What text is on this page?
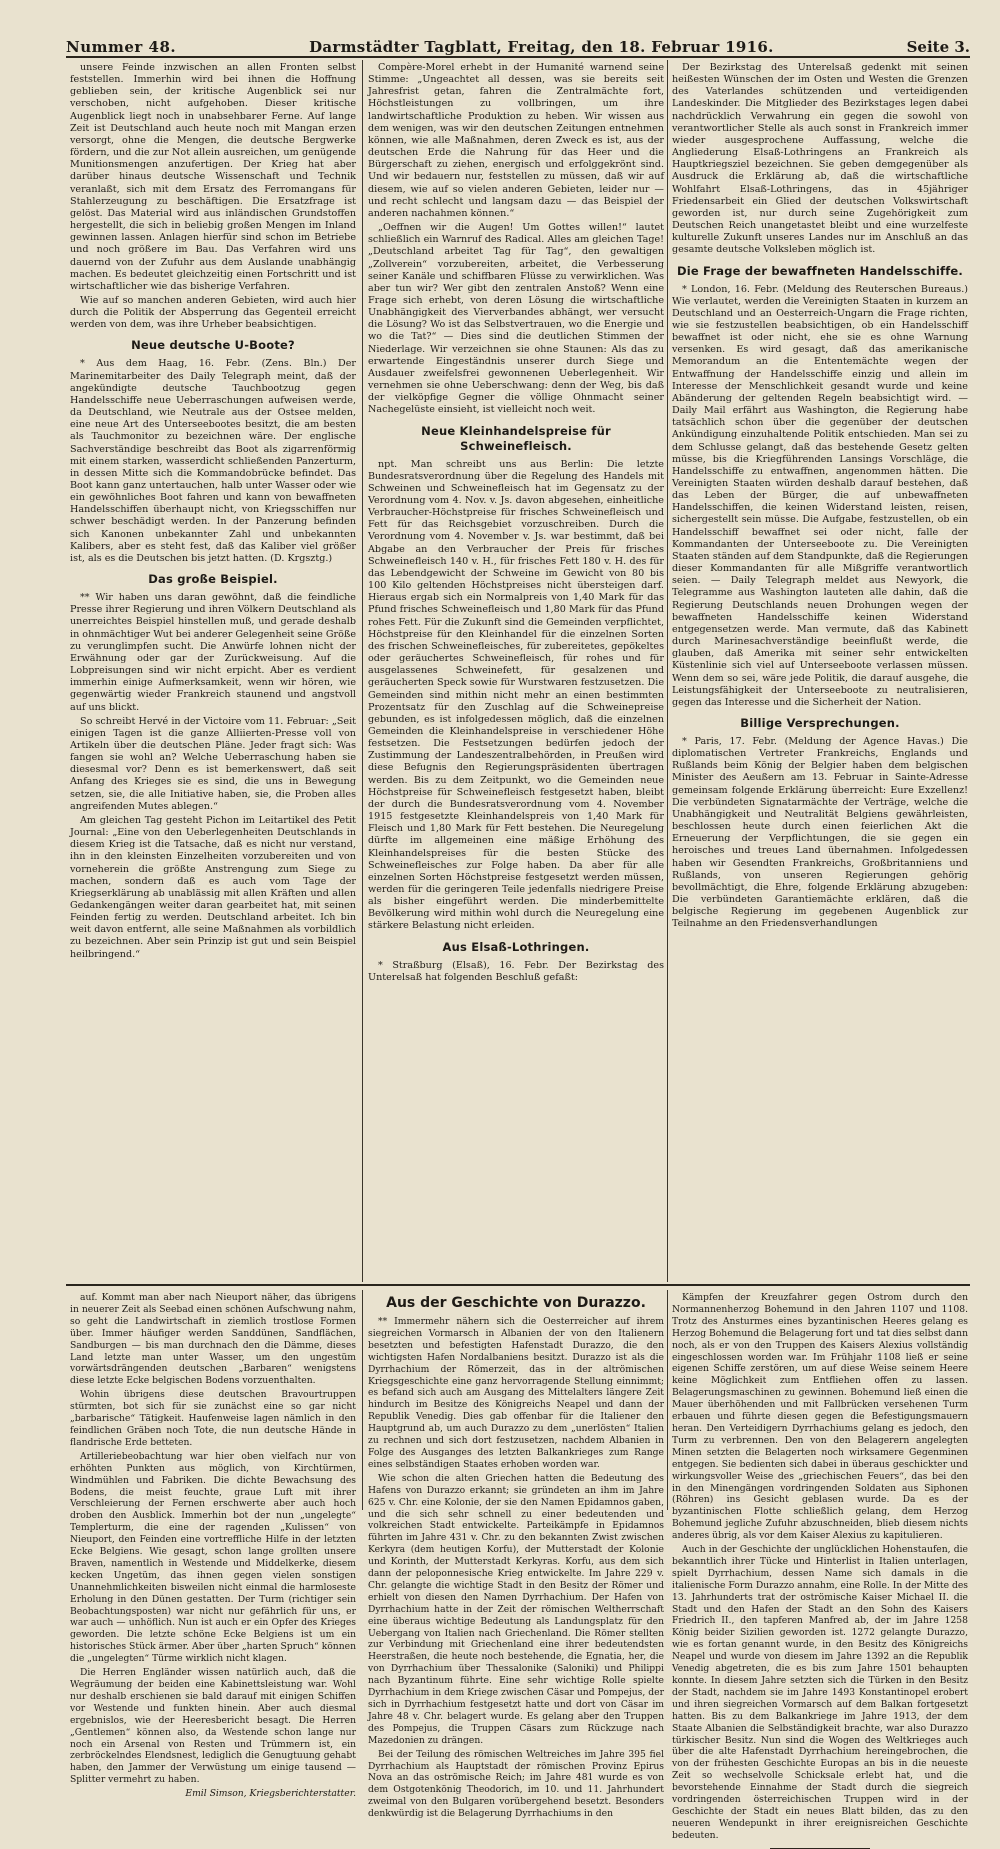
Nummer 48.	Darmstädter Tagblatt, Freitag, den 18. Februar 1916.	Seite 3.

unsere Feinde inzwischen an allen Fronten selbst feststellen. Immerhin wird bei ihnen die Hoffnung geblieben sein, der kritische Augenblick sei nur verschoben, nicht aufgehoben. Dieser kritische Augenblick liegt noch in unabsehbarer Ferne. Auf lange Zeit ist Deutschland auch heute noch mit Mangan erzen versorgt, ohne die Mengen, die deutsche Bergwerke fördern, und die zur Not allein ausreichen, um genügende Munitionsmengen anzufertigen. Der Krieg hat aber darüber hinaus deutsche Wissenschaft und Technik veranlaßt, sich mit dem Ersatz des Ferromangans für Stahlerzeugung zu beschäftigen. Die Ersatzfrage ist gelöst. Das Material wird aus inländischen Grundstoffen hergestellt, die sich in beliebig großen Mengen im Inland gewinnen lassen. Anlagen hierfür sind schon im Betriebe und noch größere im Bau. Das Verfahren wird uns dauernd von der Zufuhr aus dem Auslande unabhängig machen. Es bedeutet gleichzeitig einen Fortschritt und ist wirtschaftlicher wie das bisherige Verfahren.

Wie auf so manchen anderen Gebieten, wird auch hier durch die Politik der Absperrung das Gegenteil erreicht werden von dem, was ihre Urheber beabsichtigen.

Neue deutsche U-Boote?

* Aus dem Haag, 16. Febr. (Zens. Bln.) Der Marinemitarbeiter des Daily Telegraph meint, daß der angekündigte deutsche Tauchbootzug gegen Handelsschiffe neue Ueberraschungen aufweisen werde, da Deutschland, wie Neutrale aus der Ostsee melden, eine neue Art des Unterseebootes besitzt, die am besten als Tauchmonitor zu bezeichnen wäre. Der englische Sachverständige beschreibt das Boot als zigarrenförmig mit einem starken, wasserdicht schließenden Panzerturm, in dessen Mitte sich die Kommandobrücke befindet. Das Boot kann ganz untertauchen, halb unter Wasser oder wie ein gewöhnliches Boot fahren und kann von bewaffneten Handelsschiffen überhaupt nicht, von Kriegsschiffen nur schwer beschädigt werden. In der Panzerung befinden sich Kanonen unbekannter Zahl und unbekannten Kalibers, aber es steht fest, daß das Kaliber viel größer ist, als es die Deutschen bis jetzt hatten. (D. Krgsztg.)

Das große Beispiel.

** Wir haben uns daran gewöhnt, daß die feindliche Presse ihrer Regierung und ihren Völkern Deutschland als unerreichtes Beispiel hinstellen muß, und gerade deshalb in ohnmächtiger Wut bei anderer Gelegenheit seine Größe zu verunglimpfen sucht. Die Anwürfe lohnen nicht der Erwähnung oder gar der Zurückweisung. Auf die Lobpreisungen sind wir nicht erpicht. Aber es verdient immerhin einige Aufmerksamkeit, wenn wir hören, wie gegenwärtig wieder Frankreich staunend und angstvoll auf uns blickt.

So schreibt Hervé in der Victoire vom 11. Februar: „Seit einigen Tagen ist die ganze Alliierten-Presse voll von Artikeln über die deutschen Pläne. Jeder fragt sich: Was fangen sie wohl an? Welche Ueberraschung haben sie diesesmal vor? Denn es ist bemerkenswert, daß seit Anfang des Krieges sie es sind, die uns in Bewegung setzen, sie, die alle Initiative haben, sie, die Proben alles angreifenden Mutes ablegen.“

Am gleichen Tag gesteht Pichon im Leitartikel des Petit Journal: „Eine von den Ueberlegenheiten Deutschlands in diesem Krieg ist die Tatsache, daß es nicht nur verstand, ihn in den kleinsten Einzelheiten vorzubereiten und von vorneherein die größte Anstrengung zum Siege zu machen, sondern daß es auch vom Tage der Kriegserklärung ab unablässig mit allen Kräften und allen Gedankengängen weiter daran gearbeitet hat, mit seinen Feinden fertig zu werden. Deutschland arbeitet. Ich bin weit davon entfernt, alle seine Maßnahmen als vorbildlich zu bezeichnen. Aber sein Prinzip ist gut und sein Beispiel heilbringend.“

Compère-Morel erhebt in der Humanité warnend seine Stimme: „Ungeachtet all dessen, was sie bereits seit Jahresfrist getan, fahren die Zentralmächte fort, Höchstleistungen zu vollbringen, um ihre landwirtschaftliche Produktion zu heben. Wir wissen aus dem wenigen, was wir den deutschen Zeitungen entnehmen können, wie alle Maßnahmen, deren Zweck es ist, aus der deutschen Erde die Nahrung für das Heer und die Bürgerschaft zu ziehen, energisch und erfolggekrönt sind. Und wir bedauern nur, feststellen zu müssen, daß wir auf diesem, wie auf so vielen anderen Gebieten, leider nur — und recht schlecht und langsam dazu — das Beispiel der anderen nachahmen können.“

„Oeffnen wir die Augen! Um Gottes willen!“ lautet schließlich ein Warnruf des Radical. Alles am gleichen Tage! „Deutschland arbeitet Tag für Tag“, den gewaltigen „Zollverein“ vorzubereiten, arbeitet, die Verbesserung seiner Kanäle und schiffbaren Flüsse zu verwirklichen. Was aber tun wir? Wer gibt den zentralen Anstoß? Wenn eine Frage sich erhebt, von deren Lösung die wirtschaftliche Unabhängigkeit des Vierverbandes abhängt, wer versucht die Lösung? Wo ist das Selbstvertrauen, wo die Energie und wo die Tat?“ — Dies sind die deutlichen Stimmen der Niederlage. Wir verzeichnen sie ohne Staunen: Als das zu erwartende Eingeständnis unserer durch Siege und Ausdauer zweifelsfrei gewonnenen Ueberlegenheit. Wir vernehmen sie ohne Ueberschwang: denn der Weg, bis daß der vielköpfige Gegner die völlige Ohnmacht seiner Nachegelüste einsieht, ist vielleicht noch weit.

Neue Kleinhandelspreise für Schweinefleisch.

npt. Man schreibt uns aus Berlin: Die letzte Bundesratsverordnung über die Regelung des Handels mit Schweinen und Schweinefleisch hat im Gegensatz zu der Verordnung vom 4. Nov. v. Js. davon abgesehen, einheitliche Verbraucher-Höchstpreise für frisches Schweinefleisch und Fett für das Reichsgebiet vorzuschreiben. Durch die Verordnung vom 4. November v. Js. war bestimmt, daß bei Abgabe an den Verbraucher der Preis für frisches Schweinefleisch 140 v. H., für frisches Fett 180 v. H. des für das Lebendgewicht der Schweine im Gewicht von 80 bis 100 Kilo geltenden Höchstpreises nicht übersteigen darf. Hieraus ergab sich ein Normalpreis von 1,40 Mark für das Pfund frisches Schweinefleisch und 1,80 Mark für das Pfund rohes Fett. Für die Zukunft sind die Gemeinden verpflichtet, Höchstpreise für den Kleinhandel für die einzelnen Sorten des frischen Schweinefleisches, für zubereitetes, gepökeltes oder geräuchertes Schweinefleisch, für rohes und für ausgelassenes Schweinefett, für gesalzenen und geräucherten Speck sowie für Wurstwaren festzusetzen. Die Gemeinden sind mithin nicht mehr an einen bestimmten Prozentsatz für den Zuschlag auf die Schweinepreise gebunden, es ist infolgedessen möglich, daß die einzelnen Gemeinden die Kleinhandelspreise in verschiedener Höhe festsetzen. Die Festsetzungen bedürfen jedoch der Zustimmung der Landeszentralbehörden, in Preußen wird diese Befugnis den Regierungspräsidenten übertragen werden. Bis zu dem Zeitpunkt, wo die Gemeinden neue Höchstpreise für Schweinefleisch festgesetzt haben, bleibt der durch die Bundesratsverordnung vom 4. November 1915 festgesetzte Kleinhandelspreis von 1,40 Mark für Fleisch und 1,80 Mark für Fett bestehen. Die Neuregelung dürfte im allgemeinen eine mäßige Erhöhung des Kleinhandelspreises für die besten Stücke des Schweinefleisches zur Folge haben. Da aber für alle einzelnen Sorten Höchstpreise festgesetzt werden müssen, werden für die geringeren Teile jedenfalls niedrigere Preise als bisher eingeführt werden. Die minderbemittelte Bevölkerung wird mithin wohl durch die Neuregelung eine stärkere Belastung nicht erleiden.

Aus Elsaß-Lothringen.

* Straßburg (Elsaß), 16. Febr. Der Bezirkstag des Unterelsaß hat folgenden Beschluß gefaßt:

Der Bezirkstag des Unterelsaß gedenkt mit seinen heißesten Wünschen der im Osten und Westen die Grenzen des Vaterlandes schützenden und verteidigenden Landeskinder. Die Mitglieder des Bezirkstages legen dabei nachdrücklich Verwahrung ein gegen die sowohl von verantwortlicher Stelle als auch sonst in Frankreich immer wieder ausgesprochene Auffassung, welche die Angliederung Elsaß-Lothringens an Frankreich als Hauptkriegsziel bezeichnen. Sie geben demgegenüber als Ausdruck die Erklärung ab, daß die wirtschaftliche Wohlfahrt Elsaß-Lothringens, das in 45jähriger Friedensarbeit ein Glied der deutschen Volkswirtschaft geworden ist, nur durch seine Zugehörigkeit zum Deutschen Reich unangetastet bleibt und eine wurzelfeste kulturelle Zukunft unseres Landes nur im Anschluß an das gesamte deutsche Volksleben möglich ist.

Die Frage der bewaffneten Handelsschiffe.

* London, 16. Febr. (Meldung des Reuterschen Bureaus.) Wie verlautet, werden die Vereinigten Staaten in kurzem an Deutschland und an Oesterreich-Ungarn die Frage richten, wie sie festzustellen beabsichtigen, ob ein Handelsschiff bewaffnet ist oder nicht, ehe sie es ohne Warnung versenken. Es wird gesagt, daß das amerikanische Memorandum an die Ententemächte wegen der Entwaffnung der Handelsschiffe einzig und allein im Interesse der Menschlichkeit gesandt wurde und keine Abänderung der geltenden Regeln beabsichtigt wird. — Daily Mail erfährt aus Washington, die Regierung habe tatsächlich schon über die gegenüber der deutschen Ankündigung einzuhaltende Politik entschieden. Man sei zu dem Schlusse gelangt, daß das bestehende Gesetz gelten müsse, bis die Kriegführenden Lansings Vorschläge, die Handelsschiffe zu entwaffnen, angenommen hätten. Die Vereinigten Staaten würden deshalb darauf bestehen, daß das Leben der Bürger, die auf unbewaffneten Handelsschiffen, die keinen Widerstand leisten, reisen, sichergestellt sein müsse. Die Aufgabe, festzustellen, ob ein Handelsschiff bewaffnet sei oder nicht, falle der Kommandanten der Unterseeboote zu. Die Vereinigten Staaten ständen auf dem Standpunkte, daß die Regierungen dieser Kommandanten für alle Mißgriffe verantwortlich seien. — Daily Telegraph meldet aus Newyork, die Telegramme aus Washington lauteten alle dahin, daß die Regierung Deutschlands neuen Drohungen wegen der bewaffneten Handelsschiffe keinen Widerstand entgegensetzen werde. Man vermute, daß das Kabinett durch Marinesachverständige beeinflußt werde, die glauben, daß Amerika mit seiner sehr entwickelten Küstenlinie sich viel auf Unterseeboote verlassen müssen. Wenn dem so sei, wäre jede Politik, die darauf ausgehe, die Leistungsfähigkeit der Unterseeboote zu neutralisieren, gegen das Interesse und die Sicherheit der Nation.

Billige Versprechungen.

* Paris, 17. Febr. (Meldung der Agence Havas.) Die diplomatischen Vertreter Frankreichs, Englands und Rußlands beim König der Belgier haben dem belgischen Minister des Aeußern am 13. Februar in Sainte-Adresse gemeinsam folgende Erklärung überreicht: Eure Exzellenz! Die verbündeten Signatarmächte der Verträge, welche die Unabhängigkeit und Neutralität Belgiens gewährleisten, beschlossen heute durch einen feierlichen Akt die Erneuerung der Verpflichtungen, die sie gegen ein heroisches und treues Land übernahmen. Infolgedessen haben wir Gesendten Frankreichs, Großbritanniens und Rußlands, von unseren Regierungen gehörig bevollmächtigt, die Ehre, folgende Erklärung abzugeben: Die verbündeten Garantiemächte erklären, daß die belgische Regierung im gegebenen Augenblick zur Teilnahme an den Friedensverhandlungen

auf. Kommt man aber nach Nieuport näher, das übrigens in neuerer Zeit als Seebad einen schönen Aufschwung nahm, so geht die Landwirtschaft in ziemlich trostlose Formen über. Immer häufiger werden Sanddünen, Sandflächen, Sandburgen — bis man durchnach den die Dämme, dieses Land letzte man unter Wasser, um den ungestüm vorwärtsdrängenden deutschen „Barbaren“ wenigstens diese letzte Ecke belgischen Bodens vorzuenthalten.

Wohin übrigens diese deutschen Bravourtruppen stürmten, bot sich für sie zunächst eine so gar nicht „barbarische“ Tätigkeit. Haufenweise lagen nämlich in den feindlichen Gräben noch Tote, die nun deutsche Hände in flandrische Erde betteten.

Artilleriebeobachtung war hier oben vielfach nur von erhöhten Punkten aus möglich, von Kirchtürmen, Windmühlen und Fabriken. Die dichte Bewachsung des Bodens, die meist feuchte, graue Luft mit ihrer Verschleierung der Fernen erschwerte aber auch hoch droben den Ausblick. Immerhin bot der nun „ungelegte“ Templerturm, die eine der ragenden „Kulissen“ von Nieuport, den Feinden eine vortreffliche Hilfe in der letzten Ecke Belgiens. Wie gesagt, schon lange grollten unsere Braven, namentlich in Westende und Middelkerke, diesem kecken Ungetüm, das ihnen gegen vielen sonstigen Unannehmlichkeiten bisweilen nicht einmal die harmloseste Erholung in den Dünen gestatten. Der Turm (richtiger sein Beobachtungsposten) war nicht nur gefährlich für uns, er war auch — unhöflich. Nun ist auch er ein Opfer des Krieges geworden. Die letzte schöne Ecke Belgiens ist um ein historisches Stück ärmer. Aber über „harten Spruch“ können die „ungelegten“ Türme wirklich nicht klagen.

Die Herren Engländer wissen natürlich auch, daß die Wegräumung der beiden eine Kabinettsleistung war. Wohl nur deshalb erschienen sie bald darauf mit einigen Schiffen vor Westende und funkten hinein. Aber auch diesmal ergebnislos, wie der Heeresbericht besagt. Die Herren „Gentlemen“ können also, da Westende schon lange nur noch ein Arsenal von Resten und Trümmern ist, ein zerbröckelndes Elendsnest, lediglich die Genugtuung gehabt haben, den Jammer der Verwüstung um einige tausend — Splitter vermehrt zu haben.

Emil Simson, Kriegsberichterstatter.
Aus der Geschichte von Durazzo.

** Immermehr nähern sich die Oesterreicher auf ihrem siegreichen Vormarsch in Albanien der von den Italienern besetzten und befestigten Hafenstadt Durazzo, die den wichtigsten Hafen Nordalbaniens besitzt. Durazzo ist als die Dyrrhachium der Römerzeit, das in der altrömischen Kriegsgeschichte eine ganz hervorragende Stellung einnimmt; es befand sich auch am Ausgang des Mittelalters längere Zeit hindurch im Besitze des Königreichs Neapel und dann der Republik Venedig. Dies gab offenbar für die Italiener den Hauptgrund ab, um auch Durazzo zu dem „unerlösten“ Italien zu rechnen und sich dort festzusetzen, nachdem Albanien in Folge des Ausganges des letzten Balkankrieges zum Range eines selbständigen Staates erhoben worden war.

Wie schon die alten Griechen hatten die Bedeutung des Hafens von Durazzo erkannt; sie gründeten an ihm im Jahre 625 v. Chr. eine Kolonie, der sie den Namen Epidamnos gaben, und die sich sehr schnell zu einer bedeutenden und volkreichen Stadt entwickelte. Parteikämpfe in Epidamnos führten im Jahre 431 v. Chr. zu den bekannten Zwist zwischen Kerkyra (dem heutigen Korfu), der Mutterstadt der Kolonie und Korinth, der Mutterstadt Kerkyras. Korfu, aus dem sich dann der peloponnesische Krieg entwickelte. Im Jahre 229 v. Chr. gelangte die wichtige Stadt in den Besitz der Römer und erhielt von diesen den Namen Dyrrhachium. Der Hafen von Dyrrhachium hatte in der Zeit der römischen Weltherrschaft eine überaus wichtige Bedeutung als Landungsplatz für den Uebergang von Italien nach Griechenland. Die Römer stellten zur Verbindung mit Griechenland eine ihrer bedeutendsten Heerstraßen, die heute noch bestehende, die Egnatia, her, die von Dyrrhachium über Thessalonike (Saloniki) und Philippi nach Byzantinum führte. Eine sehr wichtige Rolle spielte Dyrrhachium in dem Kriege zwischen Cäsar und Pompejus, der sich in Dyrrhachium festgesetzt hatte und dort von Cäsar im Jahre 48 v. Chr. belagert wurde. Es gelang aber den Truppen des Pompejus, die Truppen Cäsars zum Rückzuge nach Mazedonien zu drängen.

Bei der Teilung des römischen Weltreiches im Jahre 395 fiel Dyrrhachium als Hauptstadt der römischen Provinz Epirus Nova an das oströmische Reich; im Jahre 481 wurde es von dem Ostgotenkönig Theodorich, im 10. und 11. Jahrhundert zweimal von den Bulgaren vorübergehend besetzt. Besonders denkwürdig ist die Belagerung Dyrrhachiums in den

Kämpfen der Kreuzfahrer gegen Ostrom durch den Normannenherzog Bohemund in den Jahren 1107 und 1108. Trotz des Ansturmes eines byzantinischen Heeres gelang es Herzog Bohemund die Belagerung fort und tat dies selbst dann noch, als er von den Truppen des Kaisers Alexius vollständig eingeschlossen worden war. Im Frühjahr 1108 ließ er seine eigenen Schiffe zerstören, um auf diese Weise seinem Heere keine Möglichkeit zum Entfliehen offen zu lassen. Belagerungsmaschinen zu gewinnen. Bohemund ließ einen die Mauer überhöhenden und mit Fallbrücken versehenen Turm erbauen und führte diesen gegen die Befestigungsmauern heran. Den Verteidigern Dyrrhachiums gelang es jedoch, den Turm zu verbrennen. Den von den Belagerern angelegten Minen setzten die Belagerten noch wirksamere Gegenminen entgegen. Sie bedienten sich dabei in überaus geschickter und wirkungsvoller Weise des „griechischen Feuers“, das bei den in den Minengängen vordringenden Soldaten aus Siphonen (Röhren) ins Gesicht geblasen wurde. Da es der byzantinischen Flotte schließlich gelang, dem Herzog Bohemund jegliche Zufuhr abzuschneiden, blieb diesem nichts anderes übrig, als vor dem Kaiser Alexius zu kapitulieren.

Auch in der Geschichte der unglücklichen Hohenstaufen, die bekanntlich ihrer Tücke und Hinterlist in Italien unterlagen, spielt Dyrrhachium, dessen Name sich damals in die italienische Form Durazzo annahm, eine Rolle. In der Mitte des 13. Jahrhunderts trat der oströmische Kaiser Michael II. die Stadt und den Hafen der Stadt an den Sohn des Kaisers Friedrich II., den tapferen Manfred ab, der im Jahre 1258 König beider Sizilien geworden ist. 1272 gelangte Durazzo, wie es fortan genannt wurde, in den Besitz des Königreichs Neapel und wurde von diesem im Jahre 1392 an die Republik Venedig abgetreten, die es bis zum Jahre 1501 behaupten konnte. In diesem Jahre setzten sich die Türken in den Besitz der Stadt, nachdem sie im Jahre 1493 Konstantinopel erobert und ihren siegreichen Vormarsch auf dem Balkan fortgesetzt hatten. Bis zu dem Balkankriege im Jahre 1913, der dem Staate Albanien die Selbständigkeit brachte, war also Durazzo türkischer Besitz. Nun sind die Wogen des Weltkrieges auch über die alte Hafenstadt Dyrrhachium hereingebrochen, die von der frühesten Geschichte Europas an bis in die neueste Zeit so wechselvolle Schicksale erlebt hat, und die bevorstehende Einnahme der Stadt durch die siegreich vordringenden österreichischen Truppen wird in der Geschichte der Stadt ein neues Blatt bilden, das zu den neueren Wendepunkt in ihrer ereignisreichen Geschichte bedeuten.
